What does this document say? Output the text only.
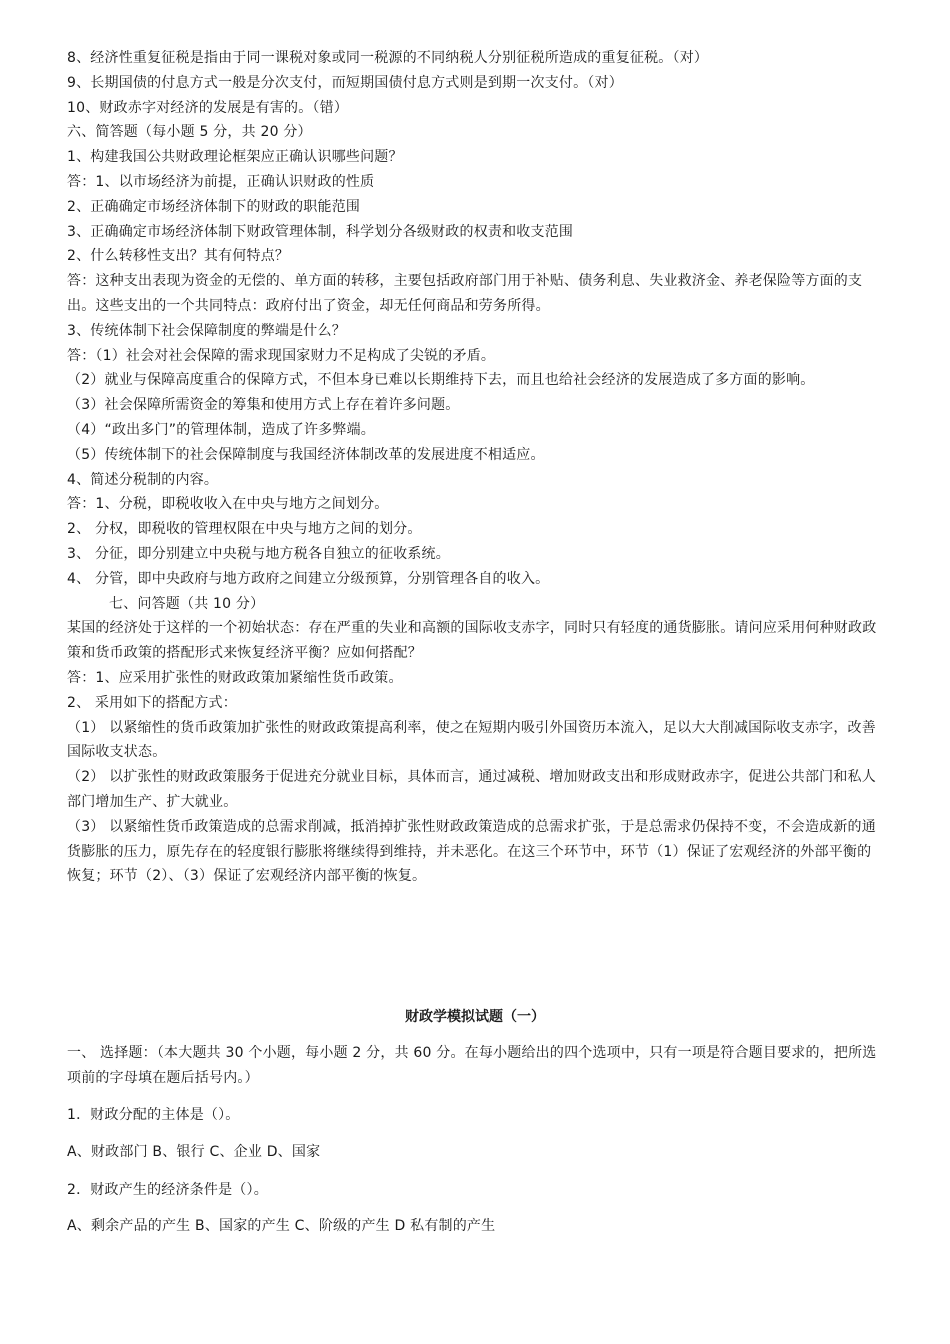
8、经济性重复征税是指由于同一课税对象或同一税源的不同纳税人分别征税所造成的重复征税。（对）
9、长期国债的付息方式一般是分次支付，而短期国债付息方式则是到期一次支付。（对）
10、财政赤字对经济的发展是有害的。（错）
六、简答题（每小题 5 分，共 20 分）
1、构建我国公共财政理论框架应正确认识哪些问题？
答：1、以市场经济为前提，正确认识财政的性质
2、正确确定市场经济体制下的财政的职能范围
3、正确确定市场经济体制下财政管理体制，科学划分各级财政的权责和收支范围
2、什么转移性支出？其有何特点？
答：这种支出表现为资金的无偿的、单方面的转移，主要包括政府部门用于补贴、债务利息、失业救济金、养老保险等方面的支出。这些支出的一个共同特点：政府付出了资金，却无任何商品和劳务所得。
3、传统体制下社会保障制度的弊端是什么？
答：（1）社会对社会保障的需求现国家财力不足构成了尖锐的矛盾。
（2）就业与保障高度重合的保障方式，不但本身已难以长期维持下去，而且也给社会经济的发展造成了多方面的影响。
（3）社会保障所需资金的筹集和使用方式上存在着许多问题。
（4）“政出多门”的管理体制，造成了许多弊端。
（5）传统体制下的社会保障制度与我国经济体制改革的发展进度不相适应。
4、简述分税制的内容。
答：1、分税，即税收收入在中央与地方之间划分。
2、 分权，即税收的管理权限在中央与地方之间的划分。
3、 分征，即分别建立中央税与地方税各自独立的征收系统。
4、 分管，即中央政府与地方政府之间建立分级预算，分别管理各自的收入。
七、问答题（共 10 分）
某国的经济处于这样的一个初始状态：存在严重的失业和高额的国际收支赤字，同时只有轻度的通货膨胀。请问应采用何种财政政策和货币政策的搭配形式来恢复经济平衡？应如何搭配？
答：1、应采用扩张性的财政政策加紧缩性货币政策。
2、 采用如下的搭配方式：
（1） 以紧缩性的货币政策加扩张性的财政政策提高利率，使之在短期内吸引外国资历本流入，足以大大削减国际收支赤字，改善国际收支状态。
（2） 以扩张性的财政政策服务于促进充分就业目标，具体而言，通过减税、增加财政支出和形成财政赤字，促进公共部门和私人部门增加生产、扩大就业。
（3） 以紧缩性货币政策造成的总需求削减，抵消掉扩张性财政政策造成的总需求扩张，于是总需求仍保持不变，不会造成新的通货膨胀的压力，原先存在的轻度银行膨胀将继续得到维持，并未恶化。在这三个环节中，环节（1）保证了宏观经济的外部平衡的恢复；环节（2）、（3）保证了宏观经济内部平衡的恢复。
财政学模拟试题（一）
一、 选择题：（本大题共 30 个小题，每小题 2 分，共 60 分。在每小题给出的四个选项中，只有一项是符合题目要求的，把所选项前的字母填在题后括号内。）
1．财政分配的主体是（）。
A、财政部门 B、银行 C、企业 D、国家
2．财政产生的经济条件是（）。
A、剩余产品的产生 B、国家的产生 C、阶级的产生 D 私有制的产生
